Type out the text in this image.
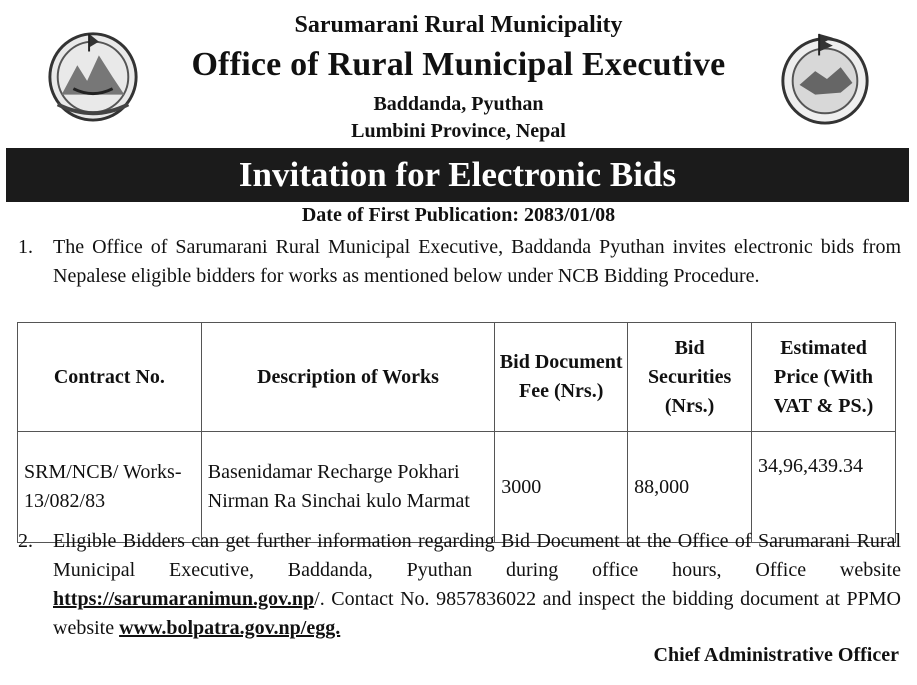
Sarumarani Rural Municipality
Office of Rural Municipal Executive
Baddanda, Pyuthan
Lumbini Province, Nepal
Invitation for Electronic Bids
Date of First Publication: 2083/01/08
1. The Office of Sarumarani Rural Municipal Executive, Baddanda Pyuthan invites electronic bids from Nepalese eligible bidders for works as mentioned below under NCB Bidding Procedure.
Contract No.	Description of Works	Bid Document Fee (Nrs.)	Bid Securities (Nrs.)	Estimated Price (With VAT & PS.)
SRM/NCB/ Works-13/082/83	Basenidamar Recharge Pokhari Nirman Ra Sinchai kulo Marmat	3000	88,000	34,96,439.34
2. Eligible Bidders can get further information regarding Bid Document at the Office of Sarumarani Rural Municipal Executive, Baddanda, Pyuthan during office hours, Office website https://sarumaranimun.gov.np/. Contact No. 9857836022 and inspect the bidding document at PPMO website www.bolpatra.gov.np/egg.
Chief Administrative Officer
